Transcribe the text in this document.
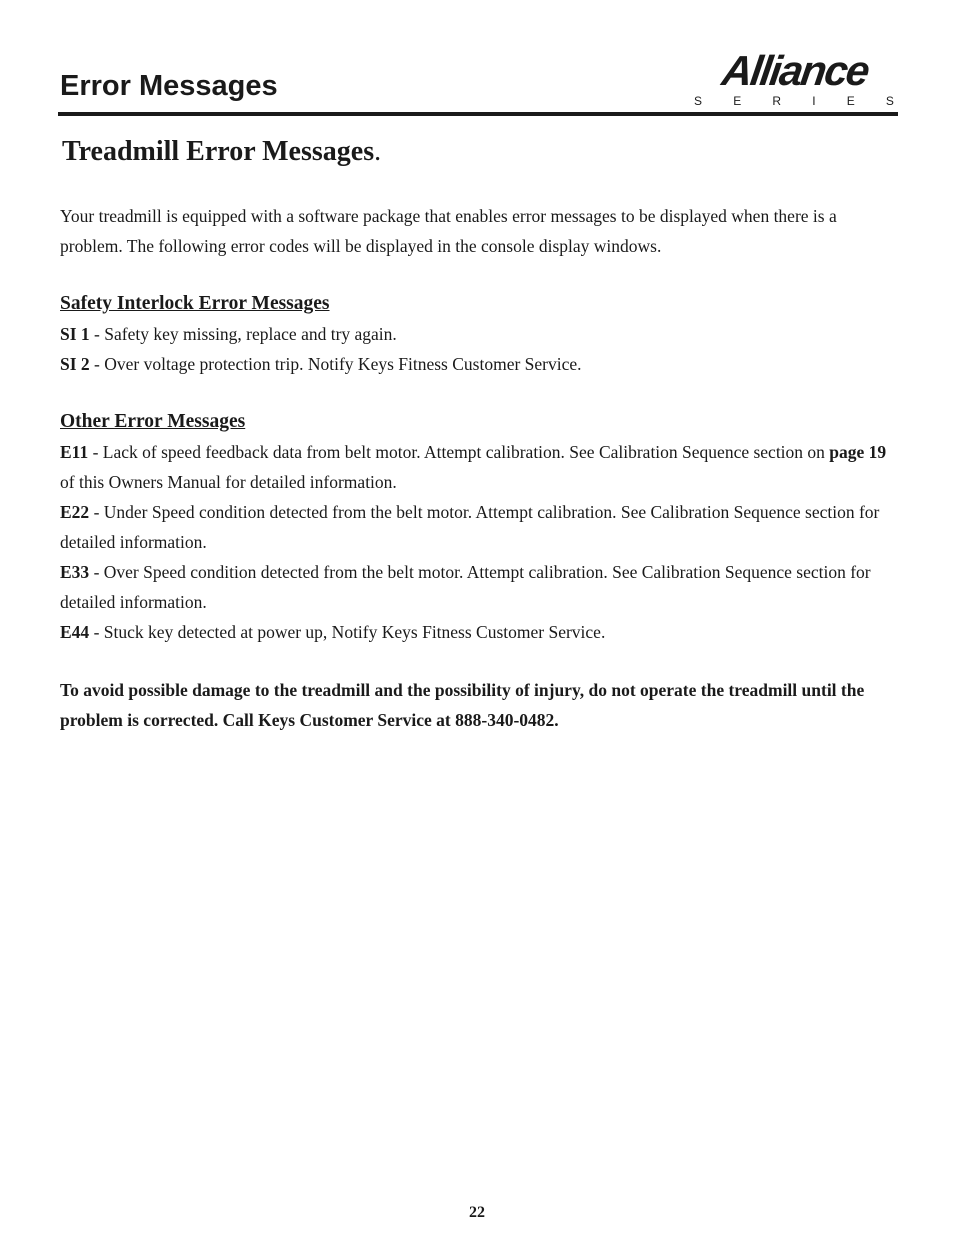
Error Messages	Alliance
S	E	R	I	E	S
Treadmill Error Messages.

Your treadmill is equipped with a software package that enables error messages to be displayed when there is a problem. The following error codes will be displayed in the console display windows.

Safety Interlock Error Messages

SI 1 - Safety key missing, replace and try again.

SI 2 - Over voltage protection trip. Notify Keys Fitness Customer Service.

Other Error Messages

E11 - Lack of speed feedback data from belt motor. Attempt calibration. See Calibration Sequence section on page 19 of this Owners Manual for detailed information.

E22 - Under Speed condition detected from the belt motor. Attempt calibration. See Calibration Sequence section for detailed information.

E33 - Over Speed condition detected from the belt motor. Attempt calibration. See Calibration Sequence section for detailed information.

E44 - Stuck key detected at power up, Notify Keys Fitness Customer Service.

To avoid possible damage to the treadmill and the possibility of injury, do not operate the treadmill until the problem is corrected. Call Keys Customer Service at 888-340-0482.

22
